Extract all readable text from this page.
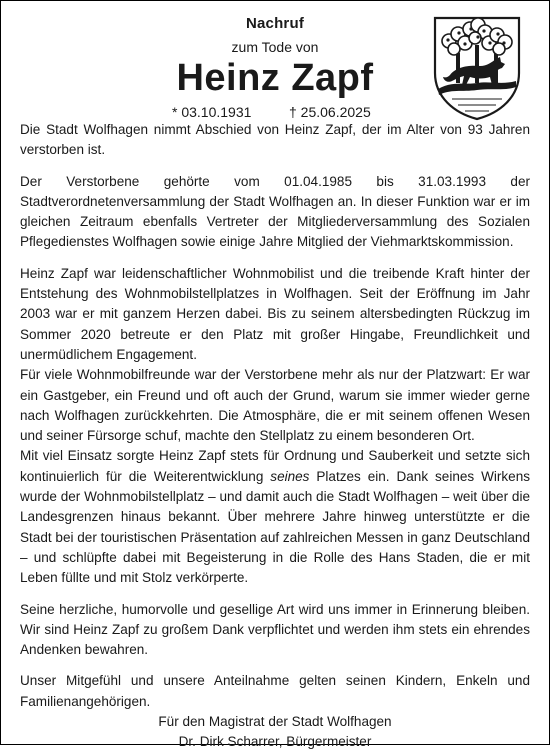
Nachruf
zum Tode von
Heinz Zapf
* 03.10.1931	† 25.06.2025

Die Stadt Wolfhagen nimmt Abschied von Heinz Zapf, der im Alter von 93 Jahren verstorben ist.

Der Verstorbene gehörte vom 01.04.1985 bis 31.03.1993 der Stadtverordnetenversammlung der Stadt Wolfhagen an. In dieser Funktion war er im gleichen Zeitraum ebenfalls Vertreter der Mitgliederversammlung des Sozialen Pflegedienstes Wolfhagen sowie einige Jahre Mitglied der Viehmarktskommission.

Heinz Zapf war leidenschaftlicher Wohnmobilist und die treibende Kraft hinter der Entstehung des Wohnmobilstellplatzes in Wolfhagen. Seit der Eröffnung im Jahr 2003 war er mit ganzem Herzen dabei. Bis zu seinem altersbedingten Rückzug im Sommer 2020 betreute er den Platz mit großer Hingabe, Freundlichkeit und unermüdlichem Engagement.

Für viele Wohnmobilfreunde war der Verstorbene mehr als nur der Platzwart: Er war ein Gastgeber, ein Freund und oft auch der Grund, warum sie immer wieder gerne nach Wolfhagen zurückkehrten. Die Atmosphäre, die er mit seinem offenen Wesen und seiner Fürsorge schuf, machte den Stellplatz zu einem besonderen Ort.

Mit viel Einsatz sorgte Heinz Zapf stets für Ordnung und Sauberkeit und setzte sich kontinuierlich für die Weiterentwicklung seines Platzes ein. Dank seines Wirkens wurde der Wohnmobilstellplatz – und damit auch die Stadt Wolfhagen – weit über die Landesgrenzen hinaus bekannt. Über mehrere Jahre hinweg unterstützte er die Stadt bei der touristischen Präsentation auf zahlreichen Messen in ganz Deutschland – und schlüpfte dabei mit Begeisterung in die Rolle des Hans Staden, die er mit Leben füllte und mit Stolz verkörperte.

Seine herzliche, humorvolle und gesellige Art wird uns immer in Erinnerung bleiben. Wir sind Heinz Zapf zu großem Dank verpflichtet und werden ihm stets ein ehrendes Andenken bewahren.

Unser Mitgefühl und unsere Anteilnahme gelten seinen Kindern, Enkeln und Familienangehörigen.

Für den Magistrat der Stadt Wolfhagen
Dr. Dirk Scharrer, Bürgermeister
